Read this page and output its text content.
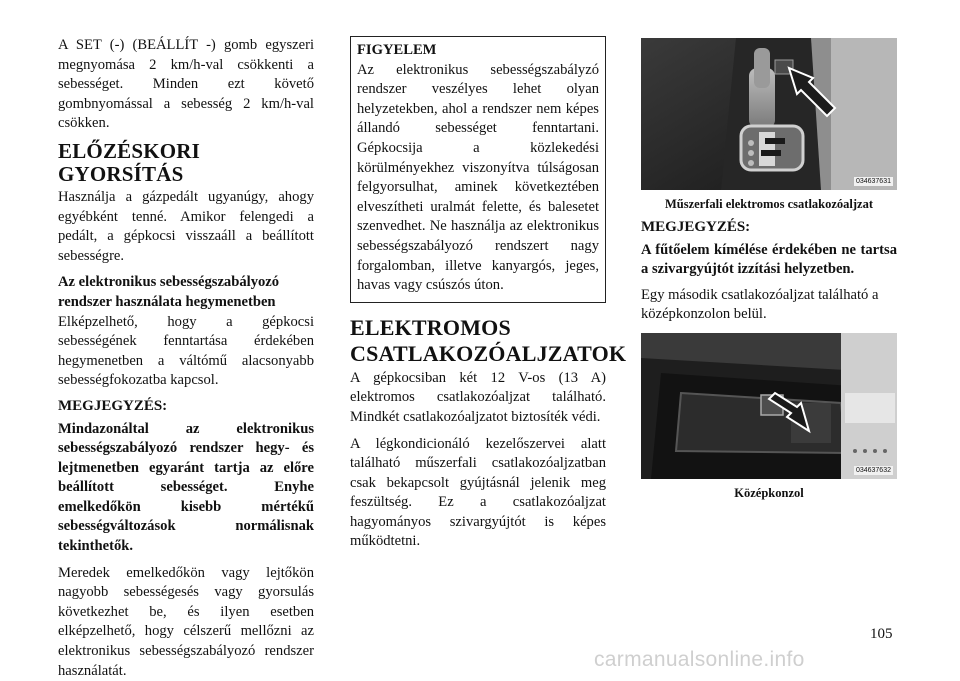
A SET (-) (BEÁLLÍT -) gomb egyszeri megnyomása 2 km/h-val csökkenti a sebességet. Minden ezt követő gombnyomással a sebesség 2 km/h-val csökken.

ELŐZÉSKORI GYORSÍTÁS

Használja a gázpedált ugyanúgy, ahogy egyébként tenné. Amikor felengedi a pedált, a gépkocsi visszaáll a beállított sebességre.

Az elektronikus sebességszabályozó rendszer használata hegymenetben

Elképzelhető, hogy a gépkocsi sebességének fenntartása érdekében hegymenetben a váltómű alacsonyabb sebességfokozatba kapcsol.

MEGJEGYZÉS:

Mindazonáltal az elektronikus sebességszabályozó rendszer hegy- és lejtmenetben egyaránt tartja az előre beállított sebességet. Enyhe emelkedőkön kisebb mértékű sebességváltozások normálisnak tekinthetők.

Meredek emelkedőkön vagy lejtőkön nagyobb sebességesés vagy gyorsulás következhet be, és ilyen esetben elképzelhető, hogy célszerű mellőzni az elektronikus sebességszabályozó rendszer használatát.

FIGYELEM

Az elektronikus sebességszabályzó rendszer veszélyes lehet olyan helyzetekben, ahol a rendszer nem képes állandó sebességet fenntartani. Gépkocsija a közlekedési körülményekhez viszonyítva túlságosan felgyorsulhat, aminek következtében elveszítheti uralmát felette, és balesetet szenvedhet. Ne használja az elektronikus sebességszabályozó rendszert nagy forgalomban, illetve kanyargós, jeges, havas vagy csúszós úton.

ELEKTROMOS CSATLAKOZÓALJZATOK

A gépkocsiban két 12 V-os (13 A) elektromos csatlakozóaljzat található. Mindkét csatlakozóaljzatot biztosíték védi.

A légkondicionáló kezelőszervei alatt található műszerfali csatlakozóaljzatban csak bekapcsolt gyújtásnál jelenik meg feszültség. Ez a csatlakozóaljzat hagyományos szivargyújtót is képes működtetni.

034637631
Műszerfali elektromos csatlakozóaljzat
MEGJEGYZÉS:

A fűtőelem kímélése érdekében ne tartsa a szivargyújtót izzítási helyzetben.

Egy második csatlakozóaljzat található a középkonzolon belül.

034637632
Középkonzol
105
carmanualsonline.info
